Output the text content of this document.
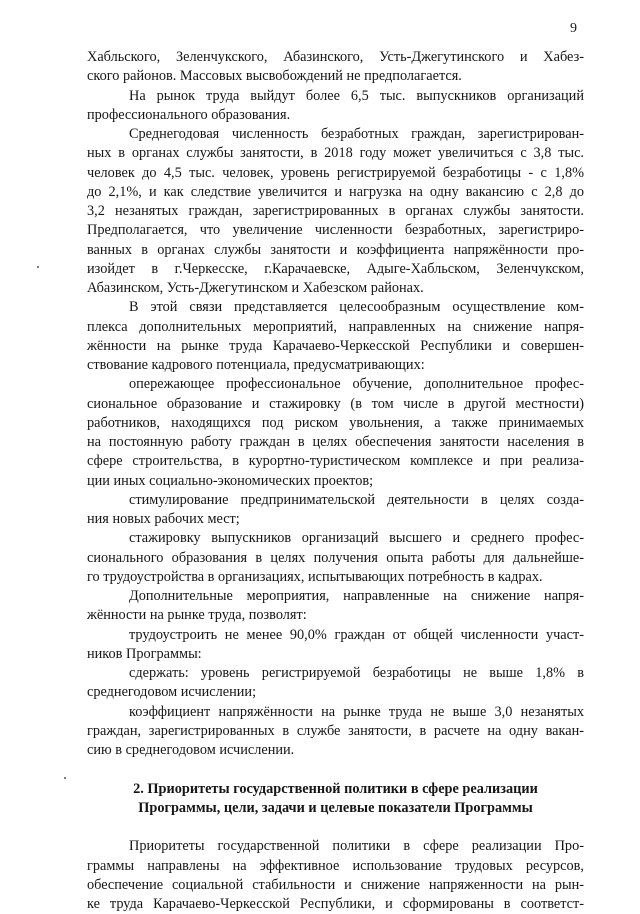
9
Хабльского, Зеленчукского, Абазинского, Усть-Джегутинского и Хабез-
ского районов. Массовых высвобождений не предполагается.
На рынок труда выйдут более 6,5 тыс. выпускников организаций
профессионального образования.
Среднегодовая численность безработных граждан, зарегистрирован-
ных в органах службы занятости, в 2018 году может увеличиться с 3,8 тыс.
человек до 4,5 тыс. человек, уровень регистрируемой безработицы - с 1,8%
до 2,1%, и как следствие увеличится и нагрузка на одну вакансию с 2,8 до
3,2 незанятых граждан, зарегистрированных в органах службы занятости.
Предполагается, что увеличение численности безработных, зарегистриро-
ванных в органах службы занятости и коэффициента напряжённости про-
изойдет в г.Черкесске, г.Карачаевске, Адыге-Хабльском, Зеленчукском,
Абазинском, Усть-Джегутинском и Хабезском районах.
В этой связи представляется целесообразным осуществление ком-
плекса дополнительных мероприятий, направленных на снижение напря-
жённости на рынке труда Карачаево-Черкесской Республики и совершен-
ствование кадрового потенциала, предусматривающих:
опережающее профессиональное обучение, дополнительное профес-
сиональное образование и стажировку (в том числе в другой местности)
работников, находящихся под риском увольнения, а также принимаемых
на постоянную работу граждан в целях обеспечения занятости населения в
сфере строительства, в курортно-туристическом комплексе и при реализа-
ции иных социально-экономических проектов;
стимулирование предпринимательской деятельности в целях созда-
ния новых рабочих мест;
стажировку выпускников организаций высшего и среднего профес-
сионального образования в целях получения опыта работы для дальнейше-
го трудоустройства в организациях, испытывающих потребность в кадрах.
Дополнительные мероприятия, направленные на снижение напря-
жённости на рынке труда, позволят:
трудоустроить не менее 90,0% граждан от общей численности участ-
ников Программы:
сдержать: уровень регистрируемой безработицы не выше 1,8% в
среднегодовом исчислении;
коэффициент напряжённости на рынке труда не выше 3,0 незанятых
граждан, зарегистрированных в службе занятости, в расчете на одну вакан-
сию в среднегодовом исчислении.
2. Приоритеты государственной политики в сфере реализации
Программы, цели, задачи и целевые показатели Программы
Приоритеты государственной политики в сфере реализации Про-
граммы направлены на эффективное использование трудовых ресурсов,
обеспечение социальной стабильности и снижение напряженности на рын-
ке труда Карачаево-Черкесской Республики, и сформированы в соответст-
